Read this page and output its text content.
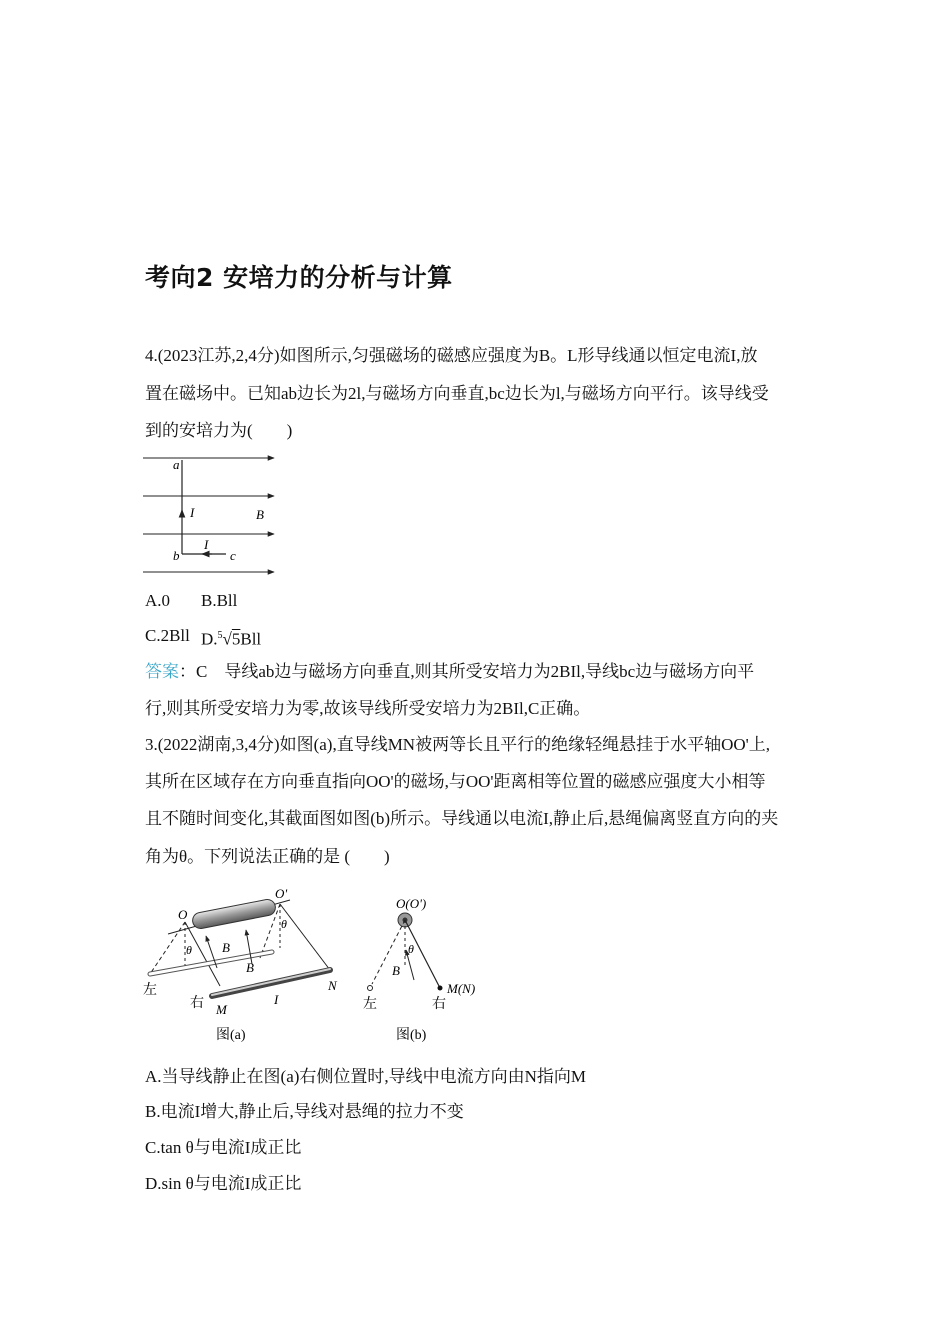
考向2 安培力的分析与计算
4.(2023江苏,2,4分)如图所示,匀强磁场的磁感应强度为B。L形导线通以恒定电流I,放
置在磁场中。已知ab边长为2l,与磁场方向垂直,bc边长为l,与磁场方向平行。该导线受
到的安培力为(　　)
a
b	c
I
I
B
A.0 B.Bll
C.2Bll D.$^5$√5Bll
答案：C　导线ab边与磁场方向垂直,则其所受安培力为2BIl,导线bc边与磁场方向平
行,则其所受安培力为零,故该导线所受安培力为2BIl,C正确。
3.(2022湖南,3,4分)如图(a),直导线MN被两等长且平行的绝缘轻绳悬挂于水平轴OO'上,
其所在区域存在方向垂直指向OO'的磁场,与OO'距离相等位置的磁感应强度大小相等
且不随时间变化,其截面图如图(b)所示。导线通以电流I,静止后,悬绳偏离竖直方向的夹
角为θ。下列说法正确的是 (　　)
O
O'
θ
θ
B
B
左
右 M
I
N
图(a)
O(O')
θ
B
左	右
M(N)
图(b)
A.当导线静止在图(a)右侧位置时,导线中电流方向由N指向M
B.电流I增大,静止后,导线对悬绳的拉力不变
C.tan θ与电流I成正比
D.sin θ与电流I成正比
